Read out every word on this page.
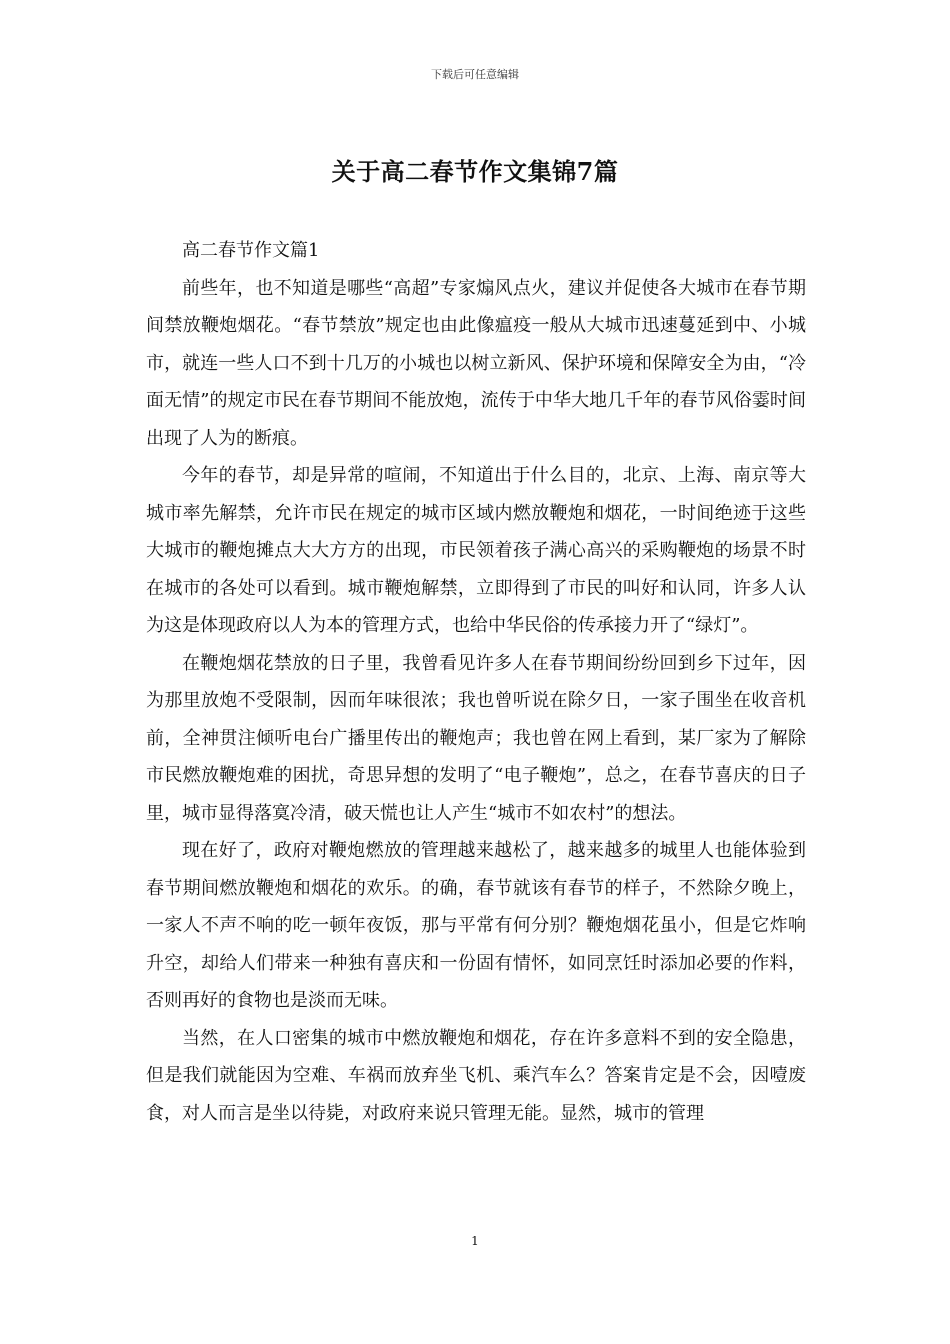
下载后可任意编辑
关于高二春节作文集锦7篇

高二春节作文篇1

前些年，也不知道是哪些“高超”专家煽风点火，建议并促使各大城市在春节期间禁放鞭炮烟花。“春节禁放”规定也由此像瘟疫一般从大城市迅速蔓延到中、小城市，就连一些人口不到十几万的小城也以树立新风、保护环境和保障安全为由，“冷面无情”的规定市民在春节期间不能放炮，流传于中华大地几千年的春节风俗霎时间出现了人为的断痕。

今年的春节，却是异常的喧闹，不知道出于什么目的，北京、上海、南京等大城市率先解禁，允许市民在规定的城市区域内燃放鞭炮和烟花，一时间绝迹于这些大城市的鞭炮摊点大大方方的出现，市民领着孩子满心高兴的采购鞭炮的场景不时在城市的各处可以看到。城市鞭炮解禁，立即得到了市民的叫好和认同，许多人认为这是体现政府以人为本的管理方式，也给中华民俗的传承接力开了“绿灯”。

在鞭炮烟花禁放的日子里，我曾看见许多人在春节期间纷纷回到乡下过年，因为那里放炮不受限制，因而年味很浓；我也曾听说在除夕日，一家子围坐在收音机前，全神贯注倾听电台广播里传出的鞭炮声；我也曾在网上看到，某厂家为了解除市民燃放鞭炮难的困扰，奇思异想的发明了“电子鞭炮”，总之，在春节喜庆的日子里，城市显得落寞冷清，破天慌也让人产生“城市不如农村”的想法。

现在好了，政府对鞭炮燃放的管理越来越松了，越来越多的城里人也能体验到春节期间燃放鞭炮和烟花的欢乐。的确，春节就该有春节的样子，不然除夕晚上，一家人不声不响的吃一顿年夜饭，那与平常有何分别？鞭炮烟花虽小，但是它炸响升空，却给人们带来一种独有喜庆和一份固有情怀，如同烹饪时添加必要的作料，否则再好的食物也是淡而无味。

当然，在人口密集的城市中燃放鞭炮和烟花，存在许多意料不到的安全隐患，但是我们就能因为空难、车祸而放弃坐飞机、乘汽车么？答案肯定是不会，因噎废食，对人而言是坐以待毙，对政府来说只管理无能。显然，城市的管理

1
